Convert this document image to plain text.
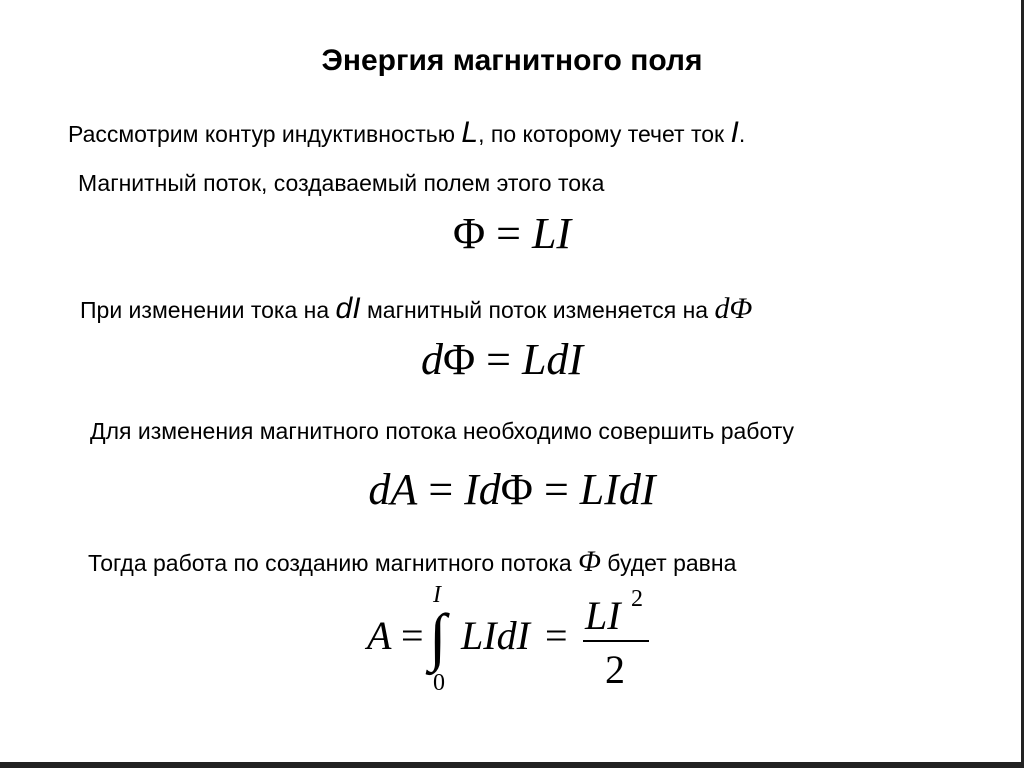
Энергия магнитного поля
Рассмотрим контур индуктивностью L, по которому течет ток I.
Магнитный поток, создаваемый полем этого тока
Φ = LI
При изменении тока на dI магнитный поток изменяется на dΦ
dΦ = LdI
Для изменения магнитного потока необходимо совершить работу
dA = IdΦ = LIdI
Тогда работа по созданию магнитного потока Φ будет равна
A =
I
∫
0
LIdI = LI 2
2
